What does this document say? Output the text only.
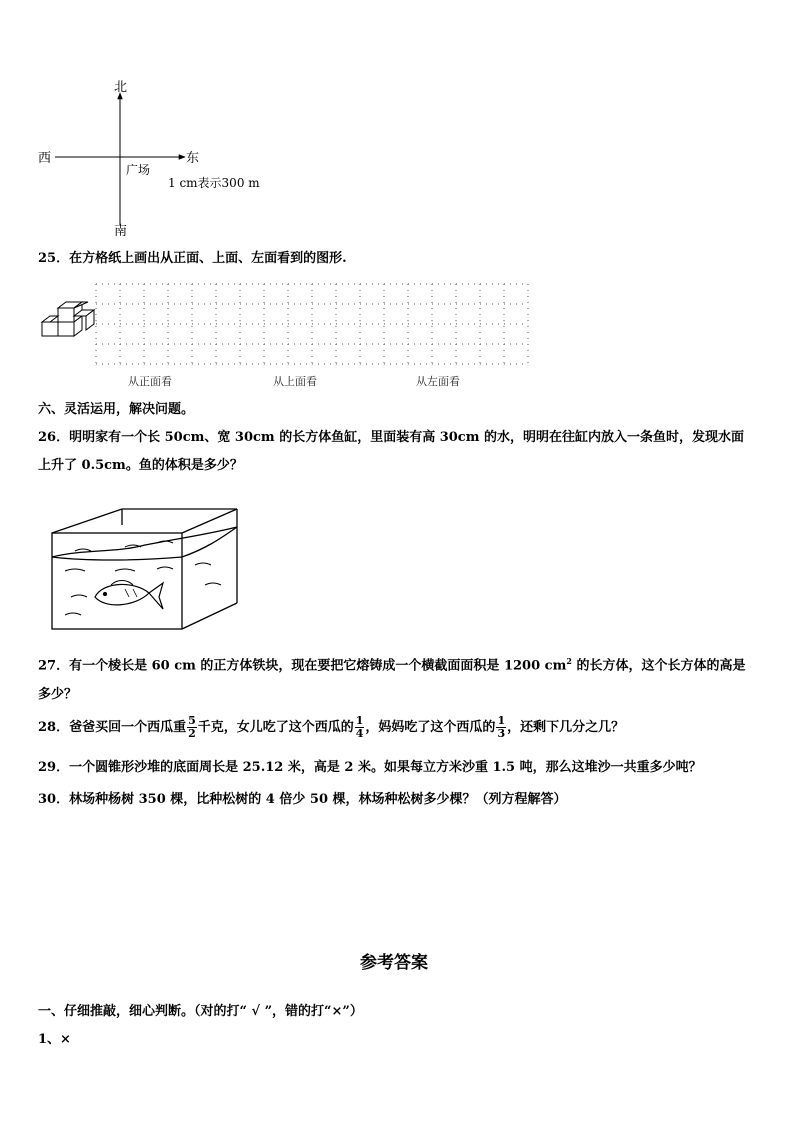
北
南
西	东
广场
1 cm表示300 m
25．在方格纸上画出从正面、上面、左面看到的图形.
从正面看	从上面看	从左面看
六、灵活运用，解决问题。
26．明明家有一个长 50cm、宽 30cm 的长方体鱼缸，里面装有高 30cm 的水，明明在往缸内放入一条鱼时，发现水面
上升了 0.5cm。鱼的体积是多少？
27．有一个棱长是 60 cm 的正方体铁块，现在要把它熔铸成一个横截面面积是 1200 $cm^2$ 的长方体，这个长方体的高是
多少？
28．爸爸买回一个西瓜重 $\frac{5}{2}$ 千克，女儿吃了这个西瓜的 $\frac{1}{4}$ ，妈妈吃了这个西瓜的 $\frac{1}{3}$ ，还剩下几分之几？
29．一个圆锥形沙堆的底面周长是 25.12 米，高是 2 米。如果每立方米沙重 1.5 吨，那么这堆沙一共重多少吨？
30．林场种杨树 350 棵，比种松树的 4 倍少 50 棵，林场种松树多少棵？（列方程解答）
参考答案
一、仔细推敲，细心判断。（对的打“ √ ”，错的打“×”）
1、×
